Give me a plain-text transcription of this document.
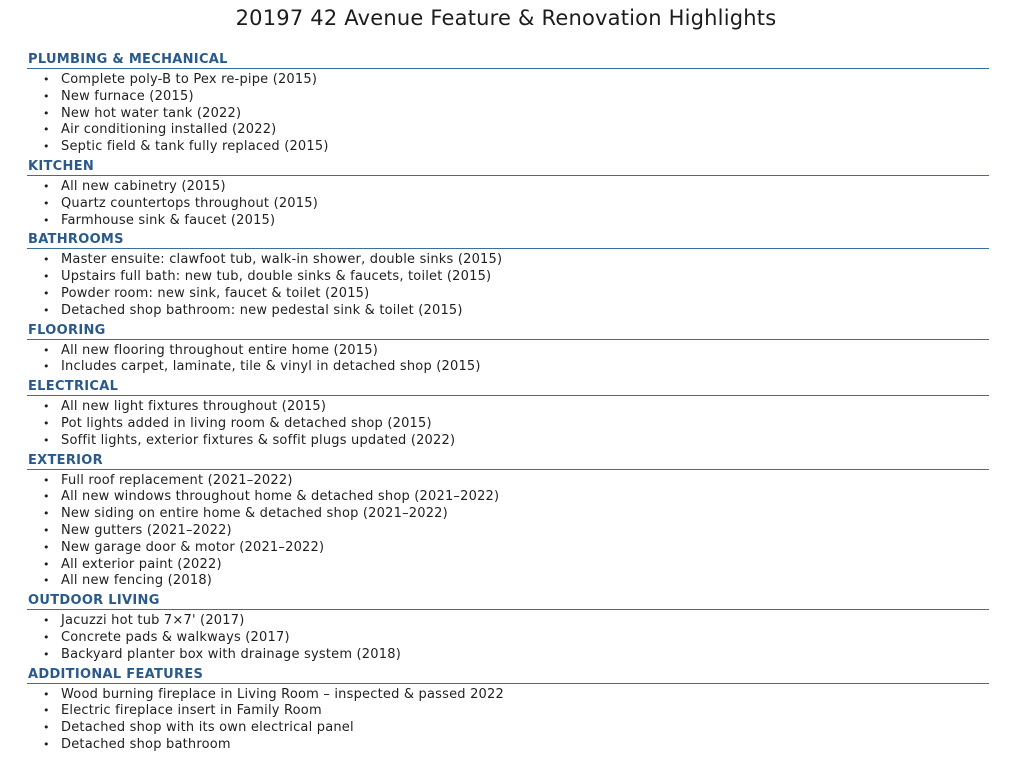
20197 42 Avenue Feature & Renovation Highlights
PLUMBING & MECHANICAL
• Complete poly-B to Pex re-pipe (2015)
• New furnace (2015)
• New hot water tank (2022)
• Air conditioning installed (2022)
• Septic field & tank fully replaced (2015)
KITCHEN
• All new cabinetry (2015)
• Quartz countertops throughout (2015)
• Farmhouse sink & faucet (2015)
BATHROOMS
• Master ensuite: clawfoot tub, walk-in shower, double sinks (2015)
• Upstairs full bath: new tub, double sinks & faucets, toilet (2015)
• Powder room: new sink, faucet & toilet (2015)
• Detached shop bathroom: new pedestal sink & toilet (2015)
FLOORING
• All new flooring throughout entire home (2015)
• Includes carpet, laminate, tile & vinyl in detached shop (2015)
ELECTRICAL
• All new light fixtures throughout (2015)
• Pot lights added in living room & detached shop (2015)
• Soffit lights, exterior fixtures & soffit plugs updated (2022)
EXTERIOR
• Full roof replacement (2021–2022)
• All new windows throughout home & detached shop (2021–2022)
• New siding on entire home & detached shop (2021–2022)
• New gutters (2021–2022)
• New garage door & motor (2021–2022)
• All exterior paint (2022)
• All new fencing (2018)
OUTDOOR LIVING
• Jacuzzi hot tub 7×7' (2017)
• Concrete pads & walkways (2017)
• Backyard planter box with drainage system (2018)
ADDITIONAL FEATURES
• Wood burning fireplace in Living Room – inspected & passed 2022
• Electric fireplace insert in Family Room
• Detached shop with its own electrical panel
• Detached shop bathroom
